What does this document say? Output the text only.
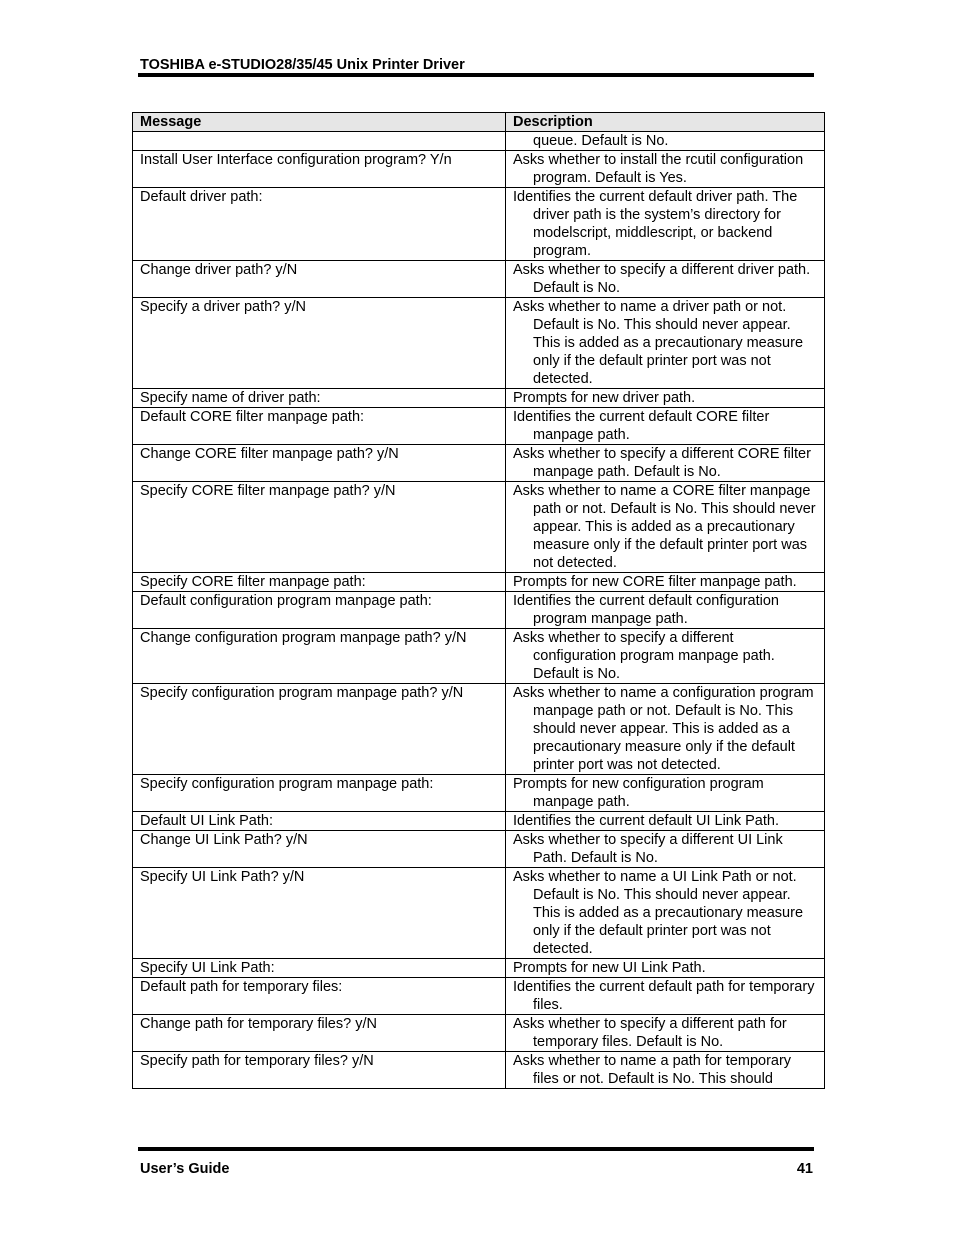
TOSHIBA e-STUDIO28/35/45 Unix Printer Driver
Message	Description
	queue. Default is No.
Install User Interface configuration program? Y/n	Asks whether to install the rcutil configuration program. Default is Yes.
Default driver path:	Identifies the current default driver path. The driver path is the system’s directory for modelscript, middlescript, or backend program.
Change driver path? y/N	Asks whether to specify a different driver path. Default is No.
Specify a driver path? y/N	Asks whether to name a driver path or not. Default is No. This should never appear. This is added as a precautionary measure only if the default printer port was not detected.
Specify name of driver path:	Prompts for new driver path.
Default CORE filter manpage path:	Identifies the current default CORE filter manpage path.
Change CORE filter manpage path? y/N	Asks whether to specify a different CORE filter manpage path. Default is No.
Specify CORE filter manpage path? y/N	Asks whether to name a CORE filter manpage path or not. Default is No. This should never appear. This is added as a precautionary measure only if the default printer port was not detected.
Specify CORE filter manpage path:	Prompts for new CORE filter manpage path.
Default configuration program manpage path:	Identifies the current default configuration program manpage path.
Change configuration program manpage path? y/N	Asks whether to specify a different configuration program manpage path. Default is No.
Specify configuration program manpage path? y/N	Asks whether to name a configuration program manpage path or not. Default is No. This should never appear. This is added as a precautionary measure only if the default printer port was not detected.
Specify configuration program manpage path:	Prompts for new configuration program manpage path.
Default UI Link Path:	Identifies the current default UI Link Path.
Change UI Link Path? y/N	Asks whether to specify a different UI Link Path. Default is No.
Specify UI Link Path? y/N	Asks whether to name a UI Link Path or not. Default is No. This should never appear. This is added as a precautionary measure only if the default printer port was not detected.
Specify UI Link Path:	Prompts for new UI Link Path.
Default path for temporary files:	Identifies the current default path for temporary files.
Change path for temporary files? y/N	Asks whether to specify a different path for temporary files. Default is No.
Specify path for temporary files? y/N	Asks whether to name a path for temporary files or not. Default is No. This should
User’s Guide	41
